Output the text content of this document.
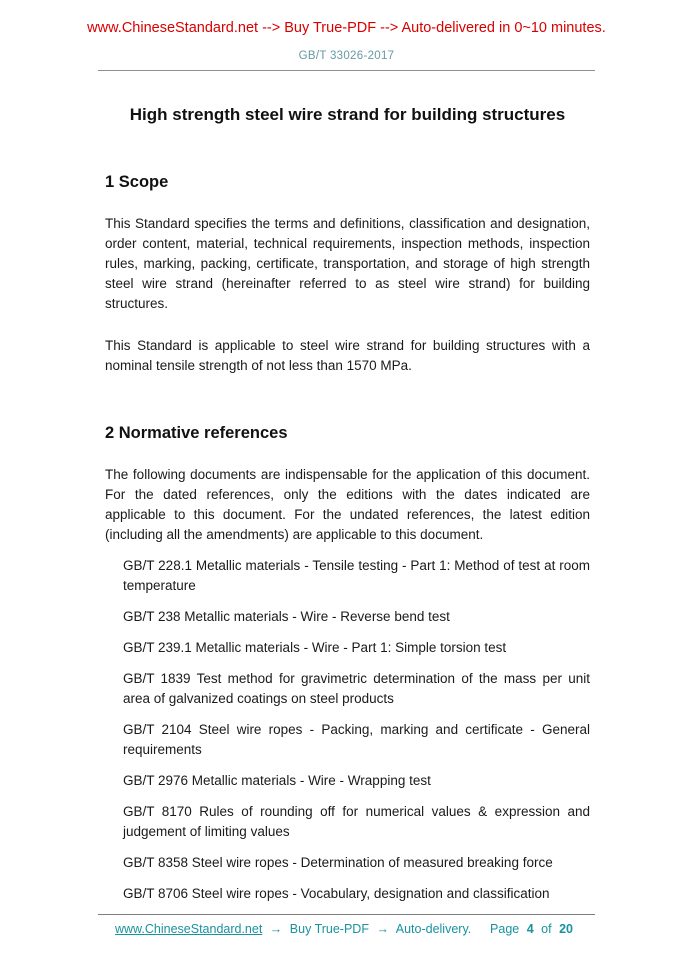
www.ChineseStandard.net --> Buy True-PDF --> Auto-delivered in 0~10 minutes.
GB/T 33026-2017
High strength steel wire strand for building structures
1 Scope

This Standard specifies the terms and definitions, classification and designation, order content, material, technical requirements, inspection methods, inspection rules, marking, packing, certificate, transportation, and storage of high strength steel wire strand (hereinafter referred to as steel wire strand) for building structures.

This Standard is applicable to steel wire strand for building structures with a nominal tensile strength of not less than 1570 MPa.

2 Normative references

The following documents are indispensable for the application of this document. For the dated references, only the editions with the dates indicated are applicable to this document. For the undated references, the latest edition (including all the amendments) are applicable to this document.

GB/T 228.1 Metallic materials - Tensile testing - Part 1: Method of test at room temperature

GB/T 238 Metallic materials - Wire - Reverse bend test

GB/T 239.1 Metallic materials - Wire - Part 1: Simple torsion test

GB/T 1839 Test method for gravimetric determination of the mass per unit area of galvanized coatings on steel products

GB/T 2104 Steel wire ropes - Packing, marking and certificate - General requirements

GB/T 2976 Metallic materials - Wire - Wrapping test

GB/T 8170 Rules of rounding off for numerical values & expression and judgement of limiting values

GB/T 8358 Steel wire ropes - Determination of measured breaking force

GB/T 8706 Steel wire ropes - Vocabulary, designation and classification

www.ChineseStandard.net → Buy True-PDF → Auto-delivery.	Page 4 of 20
